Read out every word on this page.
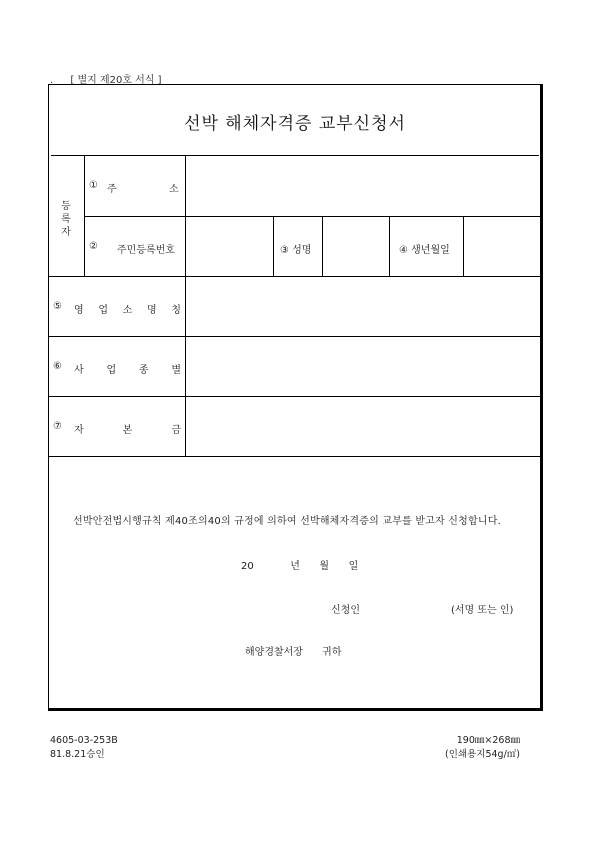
. [ 별지 제20호 서식 ]
선박 해체자격증 교부신청서
등
록
자
① 주	소
② 주민등록번호	③ 성명	④ 생년월일
⑤ 영 업 소 명 칭
⑥ 사 업 종 별
⑦ 자	본	금
선박안전법시행규칙 제40조의40의 규정에 의하여 선박해체자격증의 교부를 받고자 신청합니다.
20	년 월 일
신청인	(서명 또는 인)
해양경찰서장 귀하
4605-03-253B
81.8.21승인
190㎜×268㎜
(인쇄용지54g/㎡)
